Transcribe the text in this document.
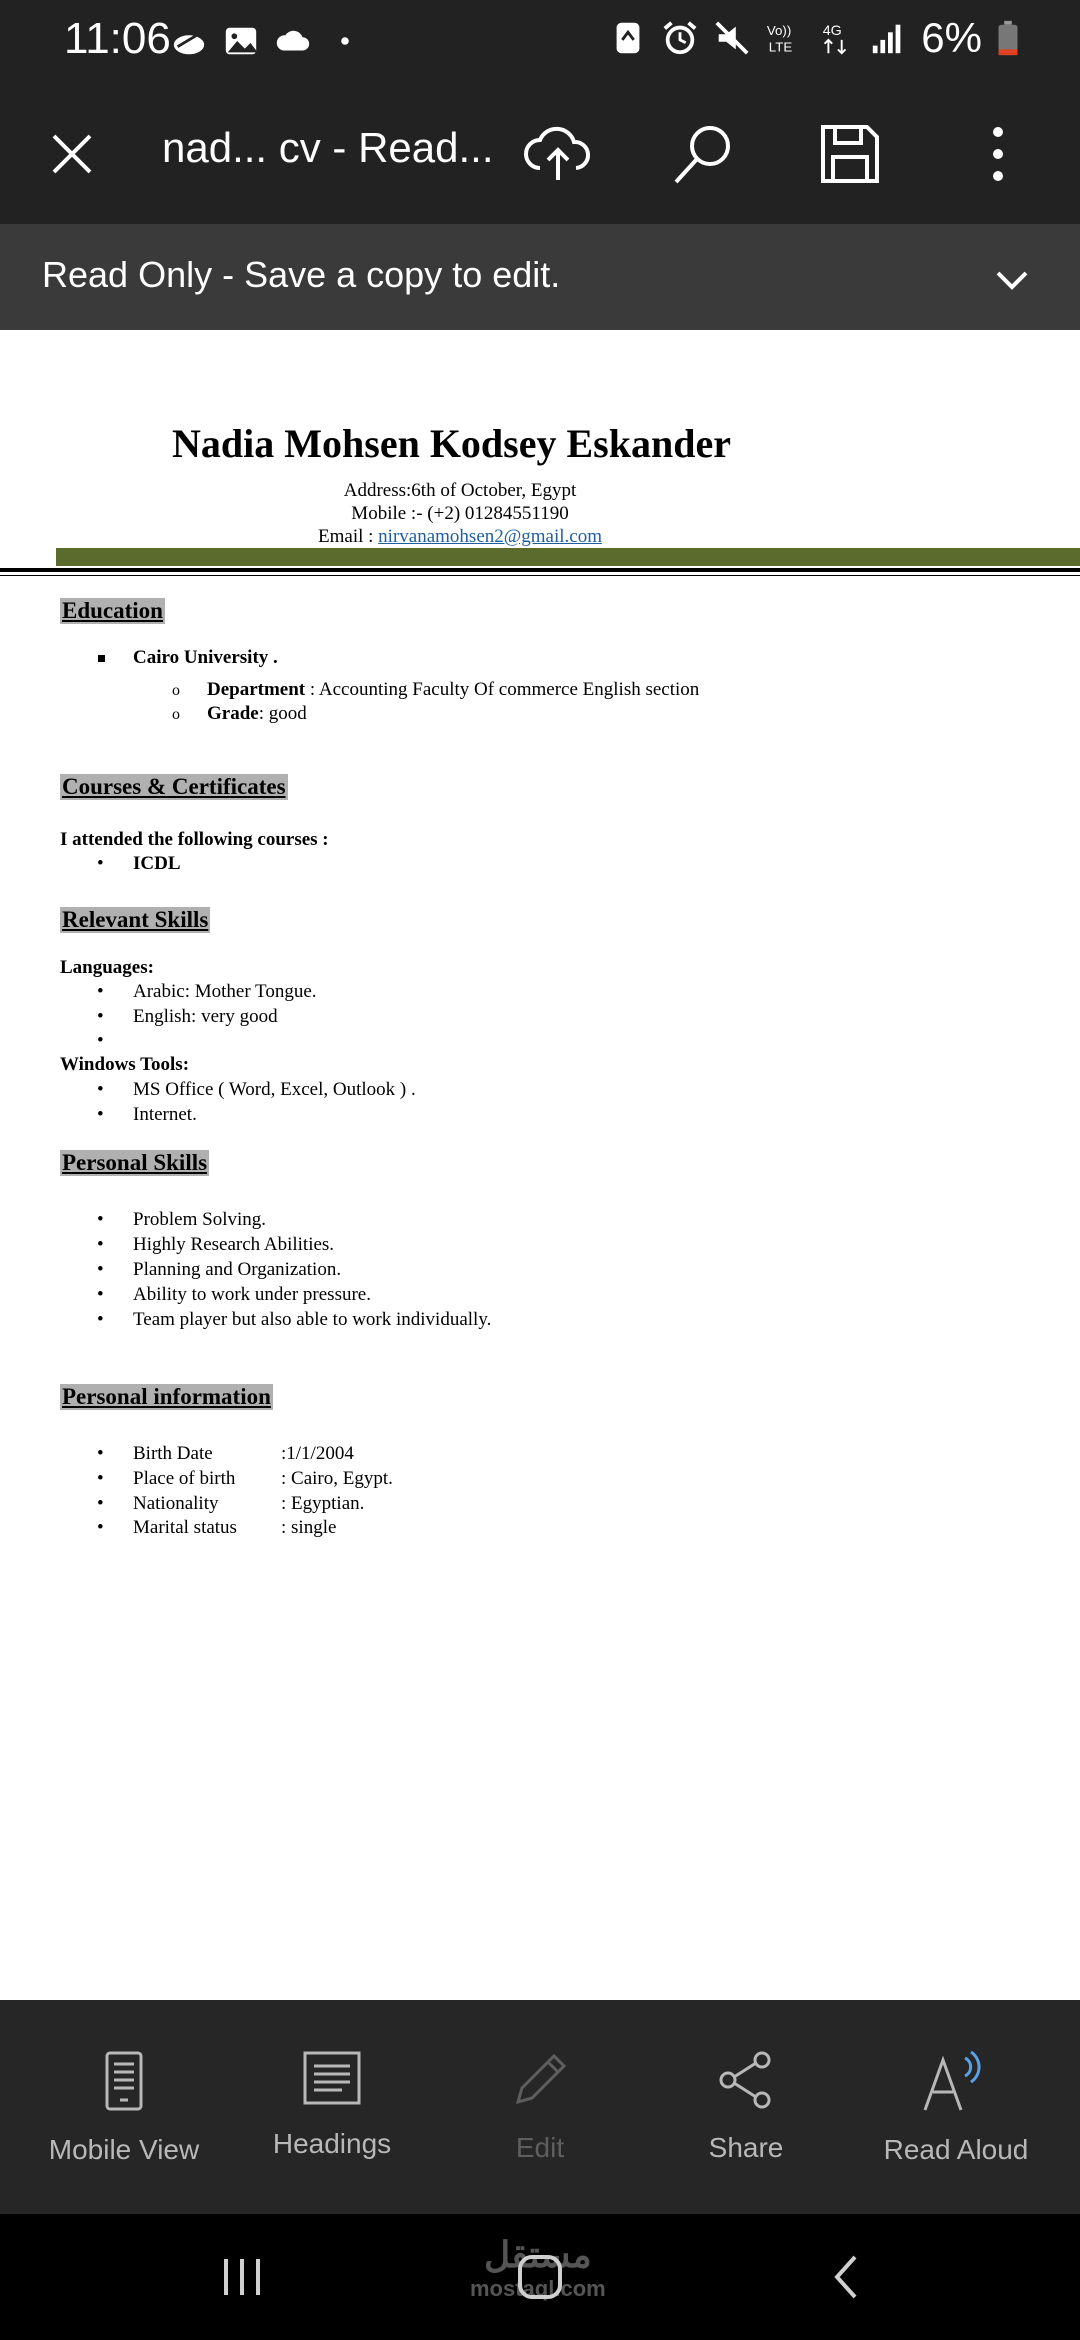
11:06	Vo))
LTE
4G 6%
nad... cv - Read...
Read Only - Save a copy to edit.
Nadia Mohsen Kodsey Eskander
Address:6th of October, Egypt
Mobile :- (+2) 01284551190
Email : nirvanamohsen2@gmail.com
Education
Cairo University .
o Department : Accounting Faculty Of commerce English section
o Grade: good
Courses & Certificates
I attended the following courses :
• ICDL
Relevant Skills
Languages:
• Arabic: Mother Tongue.
• English: very good
•
Windows Tools:
• MS Office ( Word, Excel, Outlook ) .
• Internet.
Personal Skills
• Problem Solving.
• Highly Research Abilities.
• Planning and Organization.
• Ability to work under pressure.
• Team player but also able to work individually.
Personal information
• Birth Date	:1/1/2004
• Place of birth : Cairo, Egypt.
• Nationality	: Egyptian.
• Marital status : single
Mobile View	Headings	Edit	Share	Read Aloud
مستقل
mostaql.com
